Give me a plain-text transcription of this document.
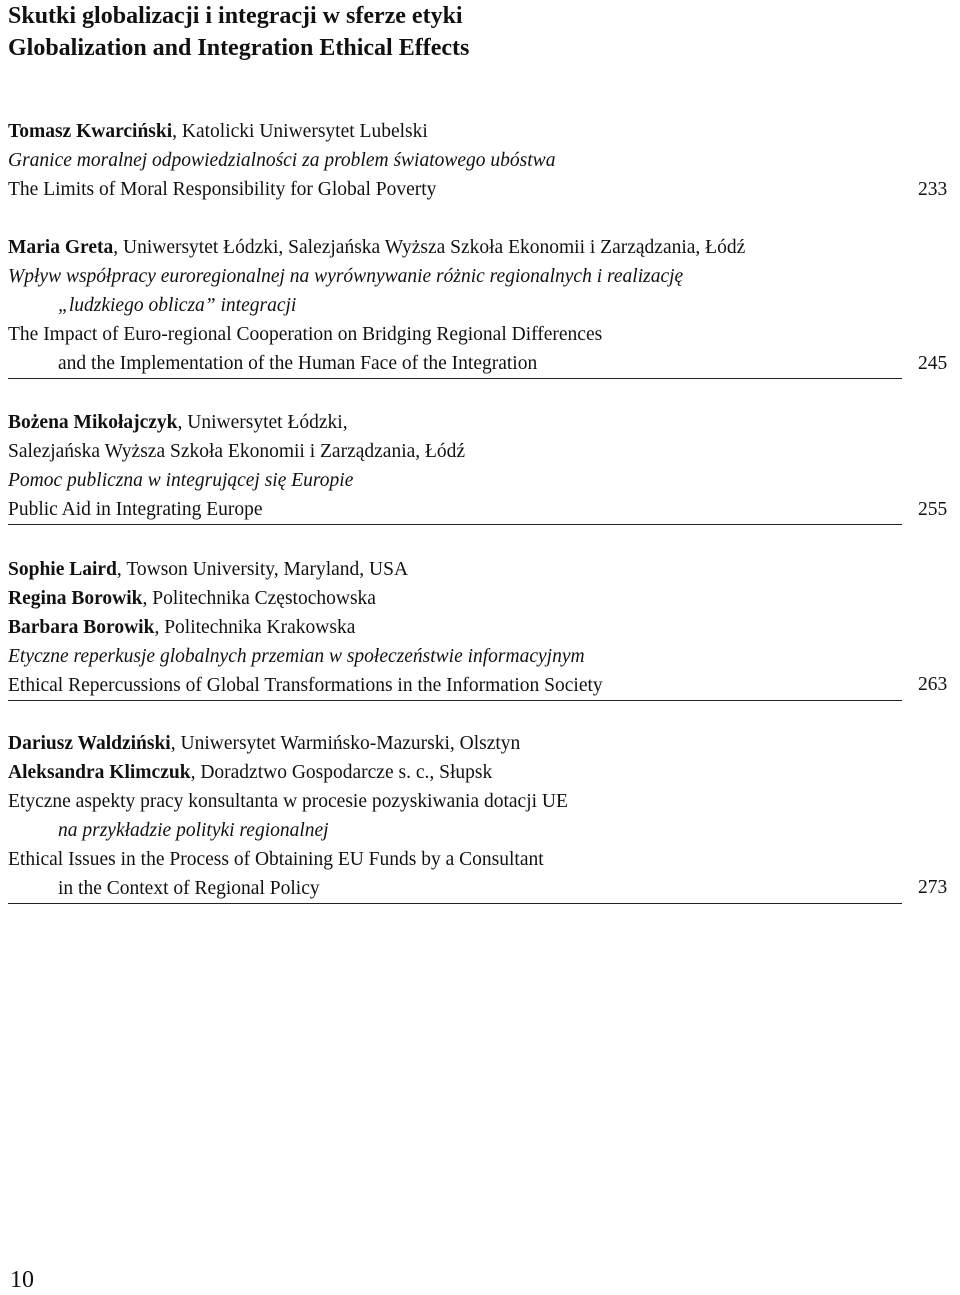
Skutki globalizacji i integracji w sferze etyki
Globalization and Integration Ethical Effects
Tomasz Kwarciński, Katolicki Uniwersytet Lubelski
Granice moralnej odpowiedzialności za problem światowego ubóstwa
The Limits of Moral Responsibility for Global Poverty	233
Maria Greta, Uniwersytet Łódzki, Salezjańska Wyższa Szkoła Ekonomii i Zarządzania, Łódź
Wpływ współpracy euroregionalnej na wyrównywanie różnic regionalnych i realizację
„ludzkiego oblicza” integracji
The Impact of Euro-regional Cooperation on Bridging Regional Differences
and the Implementation of the Human Face of the Integration	245
Bożena Mikołajczyk, Uniwersytet Łódzki,
Salezjańska Wyższa Szkoła Ekonomii i Zarządzania, Łódź
Pomoc publiczna w integrującej się Europie
Public Aid in Integrating Europe	255
Sophie Laird, Towson University, Maryland, USA
Regina Borowik, Politechnika Częstochowska
Barbara Borowik, Politechnika Krakowska
Etyczne reperkusje globalnych przemian w społeczeństwie informacyjnym
Ethical Repercussions of Global Transformations in the Information Society	263
Dariusz Waldziński, Uniwersytet Warmińsko-Mazurski, Olsztyn
Aleksandra Klimczuk, Doradztwo Gospodarcze s. c., Słupsk
Etyczne aspekty pracy konsultanta w procesie pozyskiwania dotacji UE
na przykładzie polityki regionalnej
Ethical Issues in the Process of Obtaining EU Funds by a Consultant
in the Context of Regional Policy	273
10
